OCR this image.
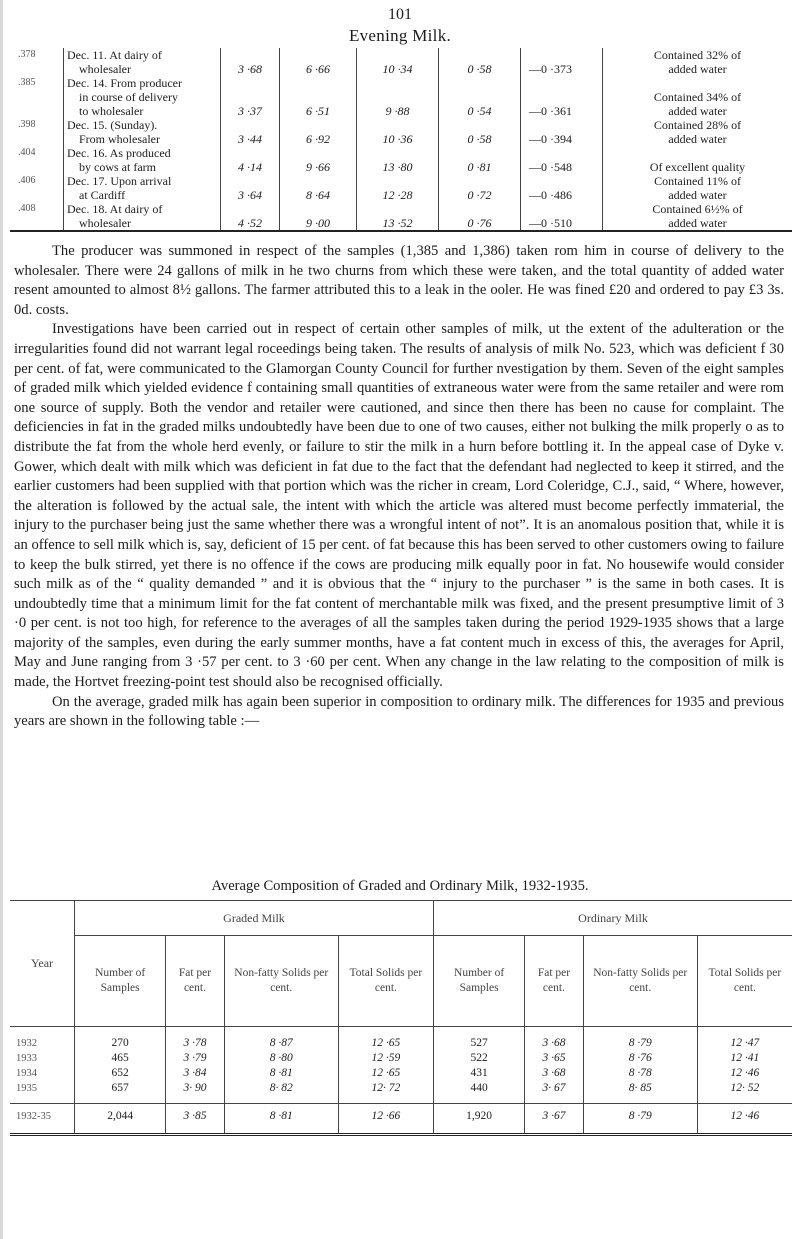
101
Evening Milk.
.378	Dec. 11. At dairy of
wholesaler	3 ·68	6 ·66	10 ·34	0 ·58	—0 ·373	Contained 32% of
added water
.385	Dec. 14. From producer
in course of delivery
to wholesaler	3 ·37	6 ·51	9 ·88	0 ·54	—0 ·361	Contained 34% of
added water
.398	Dec. 15. (Sunday).
From wholesaler	3 ·44	6 ·92	10 ·36	0 ·58	—0 ·394	Contained 28% of
added water
.404	Dec. 16. As produced
by cows at farm	4 ·14	9 ·66	13 ·80	0 ·81	—0 ·548	Of excellent quality
.406	Dec. 17. Upon arrival
at Cardiff	3 ·64	8 ·64	12 ·28	0 ·72	—0 ·486	Contained 11% of
added water
.408	Dec. 18. At dairy of
wholesaler	4 ·52	9 ·00	13 ·52	0 ·76	—0 ·510	Contained 6½% of
added water

The producer was summoned in respect of the samples (1,385 and 1,386) taken rom him in course of delivery to the wholesaler. There were 24 gallons of milk in he two churns from which these were taken, and the total quantity of added water resent amounted to almost 8½ gallons. The farmer attributed this to a leak in the ooler. He was fined £20 and ordered to pay £3 3s. 0d. costs.

Investigations have been carried out in respect of certain other samples of milk, ut the extent of the adulteration or the irregularities found did not warrant legal roceedings being taken. The results of analysis of milk No. 523, which was deficient f 30 per cent. of fat, were communicated to the Glamorgan County Council for further nvestigation by them. Seven of the eight samples of graded milk which yielded evidence f containing small quantities of extraneous water were from the same retailer and were rom one source of supply. Both the vendor and retailer were cautioned, and since then there has been no cause for complaint. The deficiencies in fat in the graded milks undoubtedly have been due to one of two causes, either not bulking the milk properly o as to distribute the fat from the whole herd evenly, or failure to stir the milk in a hurn before bottling it. In the appeal case of Dyke v. Gower, which dealt with milk which was deficient in fat due to the fact that the defendant had neglected to keep it stirred, and the earlier customers had been supplied with that portion which was the richer in cream, Lord Coleridge, C.J., said, “ Where, however, the alteration is followed by the actual sale, the intent with which the article was altered must become perfectly immaterial, the injury to the purchaser being just the same whether there was a wrongful intent of not”. It is an anomalous position that, while it is an offence to sell milk which is, say, deficient of 15 per cent. of fat because this has been served to other customers owing to failure to keep the bulk stirred, yet there is no offence if the cows are producing milk equally poor in fat. No housewife would consider such milk as of the “ quality demanded ” and it is obvious that the “ injury to the purchaser ” is the same in both cases. It is undoubtedly time that a minimum limit for the fat content of merchantable milk was fixed, and the present presumptive limit of 3 ·0 per cent. is not too high, for reference to the averages of all the samples taken during the period 1929-1935 shows that a large majority of the samples, even during the early summer months, have a fat content much in excess of this, the averages for April, May and June ranging from 3 ·57 per cent. to 3 ·60 per cent. When any change in the law relating to the composition of milk is made, the Hortvet freezing-point test should also be recognised officially.

On the average, graded milk has again been superior in composition to ordinary milk. The differences for 1935 and previous years are shown in the following table :—

Average Composition of Graded and Ordinary Milk, 1932-1935.
Year	Graded Milk				Ordinary Milk			
	Number of Samples	Fat per cent.	Non-fatty Solids per cent.	Total Solids per cent.	Number of Samples	Fat per cent.	Non-fatty Solids per cent.	Total Solids per cent.
1932	270	3 ·78	8 ·87	12 ·65	527	3 ·68	8 ·79	12 ·47
1933	465	3 ·79	8 ·80	12 ·59	522	3 ·65	8 ·76	12 ·41
1934	652	3 ·84	8 ·81	12 ·65	431	3 ·68	8 ·78	12 ·46
1935	657	3· 90	8· 82	12· 72	440	3· 67	8· 85	12· 52
1932-35	2,044	3 ·85	8 ·81	12 ·66	1,920	3 ·67	8 ·79	12 ·46
